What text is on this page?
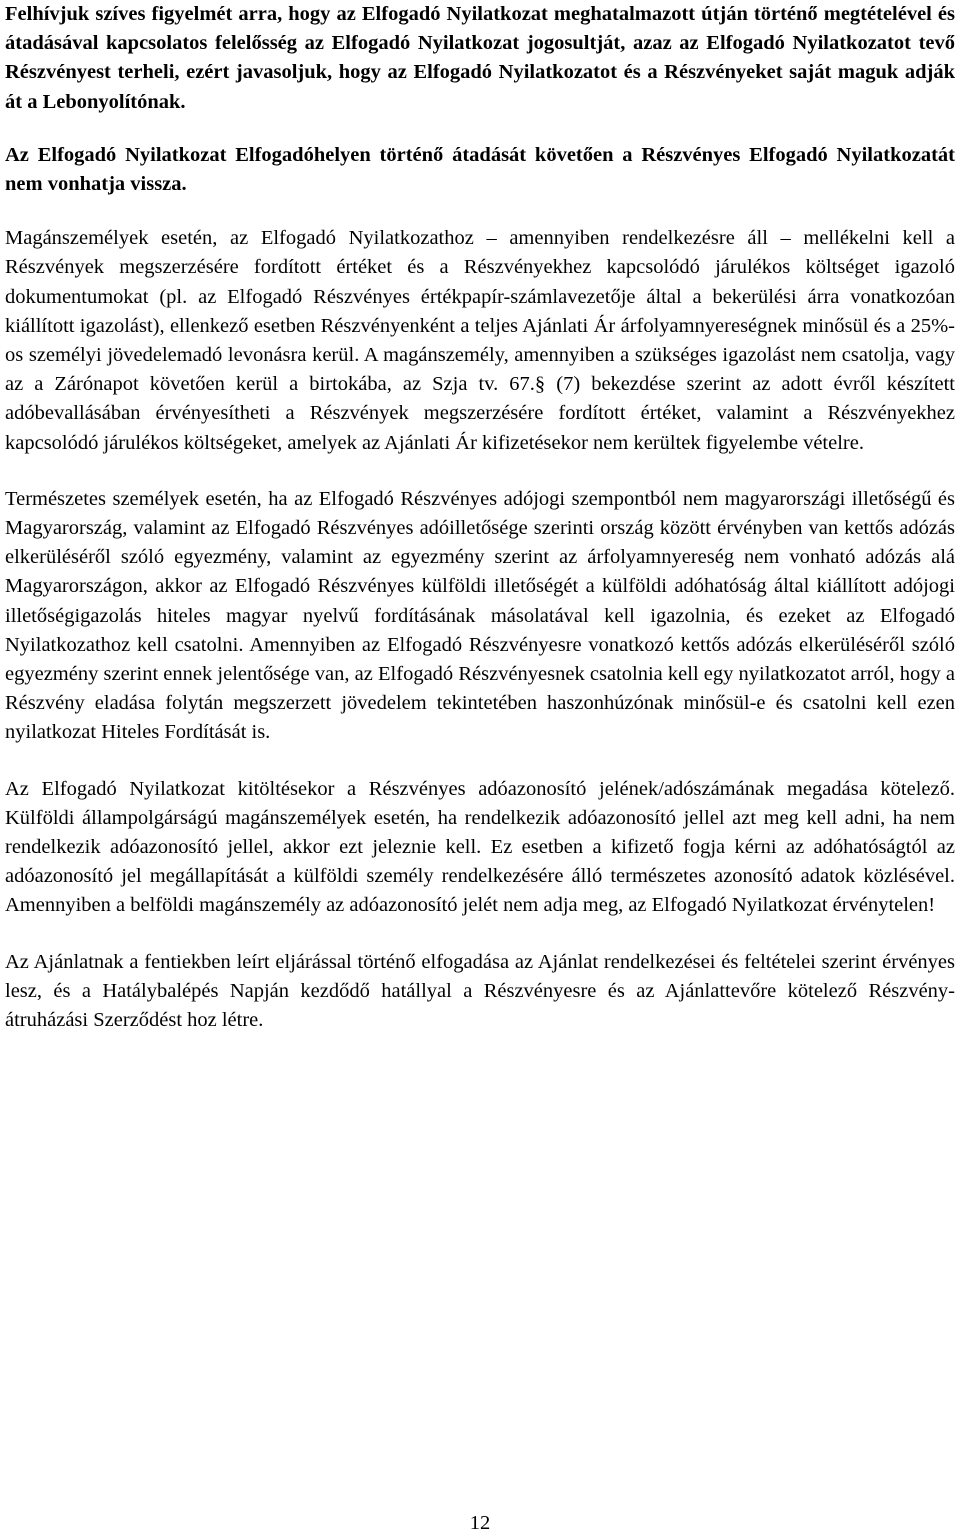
Felhívjuk szíves figyelmét arra, hogy az Elfogadó Nyilatkozat meghatalmazott útján történő megtételével és átadásával kapcsolatos felelősség az Elfogadó Nyilatkozat jogosultját, azaz az Elfogadó Nyilatkozatot tevő Részvényest terheli, ezért javasoljuk, hogy az Elfogadó Nyilatkozatot és a Részvényeket saját maguk adják át a Lebonyolítónak.

Az Elfogadó Nyilatkozat Elfogadóhelyen történő átadását követően a Részvényes Elfogadó Nyilatkozatát nem vonhatja vissza.

Magánszemélyek esetén, az Elfogadó Nyilatkozathoz – amennyiben rendelkezésre áll – mellékelni kell a Részvények megszerzésére fordított értéket és a Részvényekhez kapcsolódó járulékos költséget igazoló dokumentumokat (pl. az Elfogadó Részvényes értékpapír-számlavezetője által a bekerülési árra vonatkozóan kiállított igazolást), ellenkező esetben Részvényenként a teljes Ajánlati Ár árfolyamnyereségnek minősül és a 25%-os személyi jövedelemadó levonásra kerül. A magánszemély, amennyiben a szükséges igazolást nem csatolja, vagy az a Zárónapot követően kerül a birtokába, az Szja tv. 67.§ (7) bekezdése szerint az adott évről készített adóbevallásában érvényesítheti a Részvények megszerzésére fordított értéket, valamint a Részvényekhez kapcsolódó járulékos költségeket, amelyek az Ajánlati Ár kifizetésekor nem kerültek figyelembe vételre.

Természetes személyek esetén, ha az Elfogadó Részvényes adójogi szempontból nem magyarországi illetőségű és Magyarország, valamint az Elfogadó Részvényes adóilletősége szerinti ország között érvényben van kettős adózás elkerüléséről szóló egyezmény, valamint az egyezmény szerint az árfolyamnyereség nem vonható adózás alá Magyarországon, akkor az Elfogadó Részvényes külföldi illetőségét a külföldi adóhatóság által kiállított adójogi illetőségigazolás hiteles magyar nyelvű fordításának másolatával kell igazolnia, és ezeket az Elfogadó Nyilatkozathoz kell csatolni. Amennyiben az Elfogadó Részvényesre vonatkozó kettős adózás elkerüléséről szóló egyezmény szerint ennek jelentősége van, az Elfogadó Részvényesnek csatolnia kell egy nyilatkozatot arról, hogy a Részvény eladása folytán megszerzett jövedelem tekintetében haszonhúzónak minősül-e és csatolni kell ezen nyilatkozat Hiteles Fordítását is.

Az Elfogadó Nyilatkozat kitöltésekor a Részvényes adóazonosító jelének/adószámának megadása kötelező. Külföldi állampolgárságú magánszemélyek esetén, ha rendelkezik adóazonosító jellel azt meg kell adni, ha nem rendelkezik adóazonosító jellel, akkor ezt jeleznie kell. Ez esetben a kifizető fogja kérni az adóhatóságtól az adóazonosító jel megállapítását a külföldi személy rendelkezésére álló természetes azonosító adatok közlésével. Amennyiben a belföldi magánszemély az adóazonosító jelét nem adja meg, az Elfogadó Nyilatkozat érvénytelen!

Az Ajánlatnak a fentiekben leírt eljárással történő elfogadása az Ajánlat rendelkezései és feltételei szerint érvényes lesz, és a Hatálybalépés Napján kezdődő hatállyal a Részvényesre és az Ajánlattevőre kötelező Részvény-átruházási Szerződést hoz létre.

12
